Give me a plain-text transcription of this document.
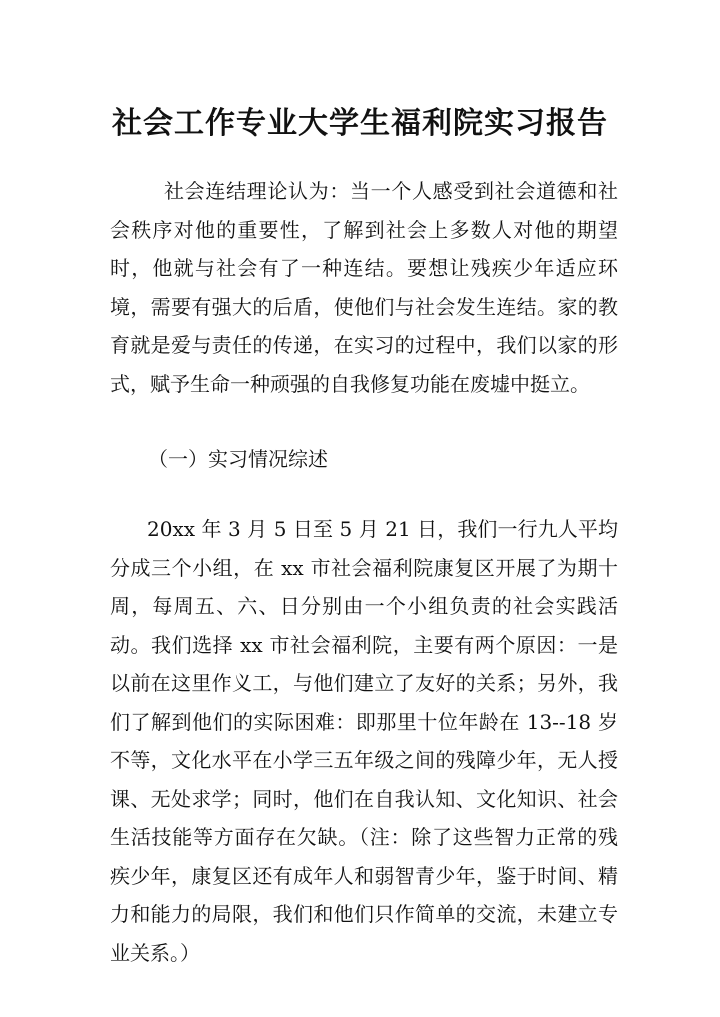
社会工作专业大学生福利院实习报告

社会连结理论认为：当一个人感受到社会道德和社会秩序对他的重要性，了解到社会上多数人对他的期望时，他就与社会有了一种连结。要想让残疾少年适应环境，需要有强大的后盾，使他们与社会发生连结。家的教育就是爱与责任的传递，在实习的过程中，我们以家的形式，赋予生命一种顽强的自我修复功能在废墟中挺立。

（一）实习情况综述

20xx 年 3 月 5 日至 5 月 21 日，我们一行九人平均分成三个小组，在 xx 市社会福利院康复区开展了为期十周，每周五、六、日分别由一个小组负责的社会实践活动。我们选择 xx 市社会福利院，主要有两个原因：一是以前在这里作义工，与他们建立了友好的关系；另外，我们了解到他们的实际困难：即那里十位年龄在 13--18 岁不等，文化水平在小学三五年级之间的残障少年，无人授课、无处求学；同时，他们在自我认知、文化知识、社会生活技能等方面存在欠缺。（注：除了这些智力正常的残疾少年，康复区还有成年人和弱智青少年，鉴于时间、精力和能力的局限，我们和他们只作简单的交流，未建立专业关系。）
